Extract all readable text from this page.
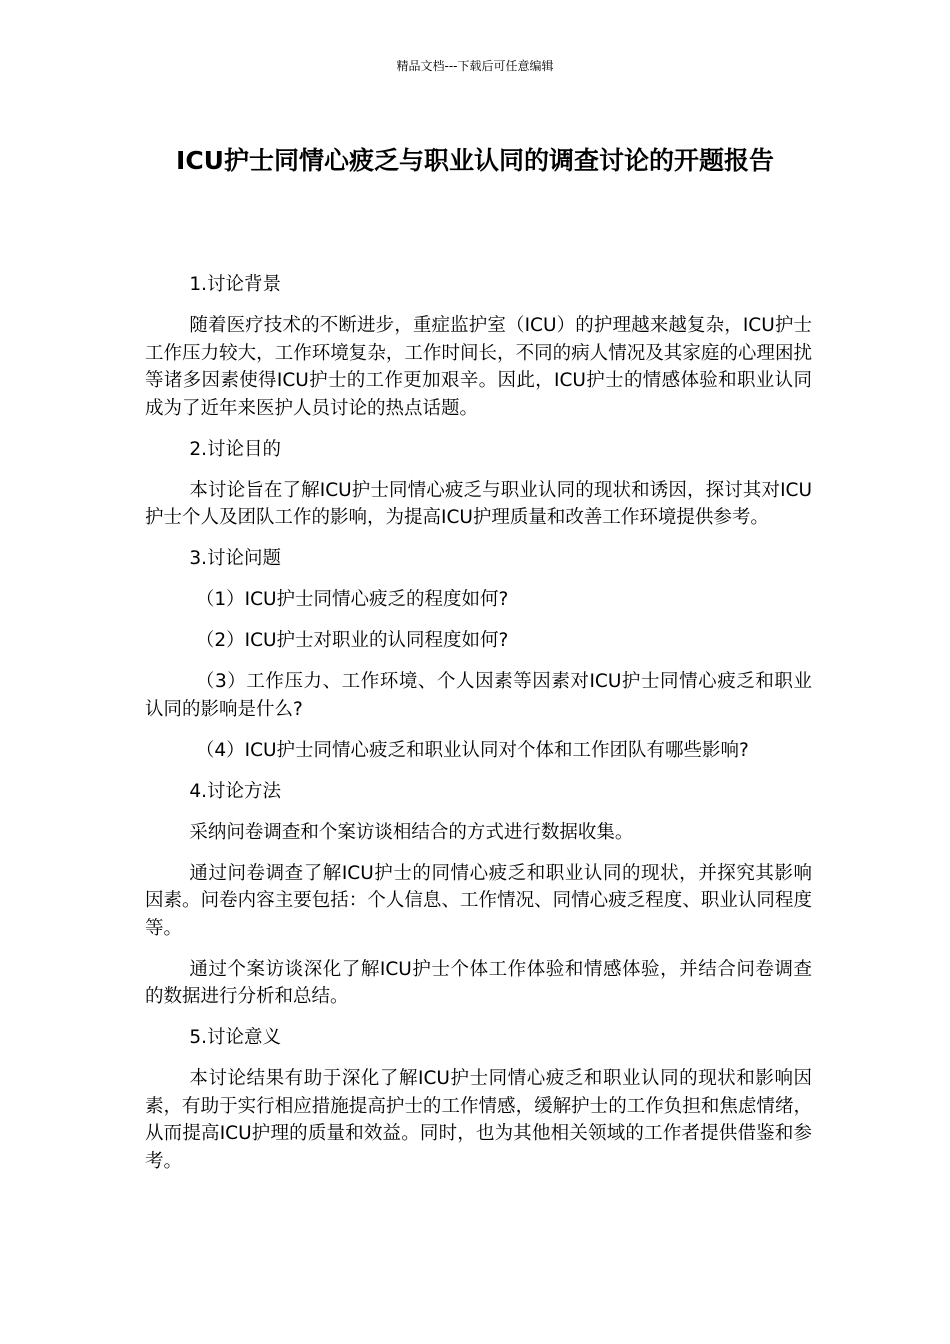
精品文档---下载后可任意编辑
ICU护士同情心疲乏与职业认同的调查讨论的开题报告

1.讨论背景

随着医疗技术的不断进步，重症监护室（ICU）的护理越来越复杂，ICU护士工作压力较大，工作环境复杂，工作时间长，不同的病人情况及其家庭的心理困扰等诸多因素使得ICU护士的工作更加艰辛。因此，ICU护士的情感体验和职业认同成为了近年来医护人员讨论的热点话题。

2.讨论目的

本讨论旨在了解ICU护士同情心疲乏与职业认同的现状和诱因，探讨其对ICU护士个人及团队工作的影响，为提高ICU护理质量和改善工作环境提供参考。

3.讨论问题

（1）ICU护士同情心疲乏的程度如何?

（2）ICU护士对职业的认同程度如何?

（3）工作压力、工作环境、个人因素等因素对ICU护士同情心疲乏和职业认同的影响是什么?

（4）ICU护士同情心疲乏和职业认同对个体和工作团队有哪些影响?

4.讨论方法

采纳问卷调查和个案访谈相结合的方式进行数据收集。

通过问卷调查了解ICU护士的同情心疲乏和职业认同的现状，并探究其影响因素。问卷内容主要包括：个人信息、工作情况、同情心疲乏程度、职业认同程度等。

通过个案访谈深化了解ICU护士个体工作体验和情感体验，并结合问卷调查的数据进行分析和总结。

5.讨论意义

本讨论结果有助于深化了解ICU护士同情心疲乏和职业认同的现状和影响因素，有助于实行相应措施提高护士的工作情感，缓解护士的工作负担和焦虑情绪，从而提高ICU护理的质量和效益。同时，也为其他相关领域的工作者提供借鉴和参考。
